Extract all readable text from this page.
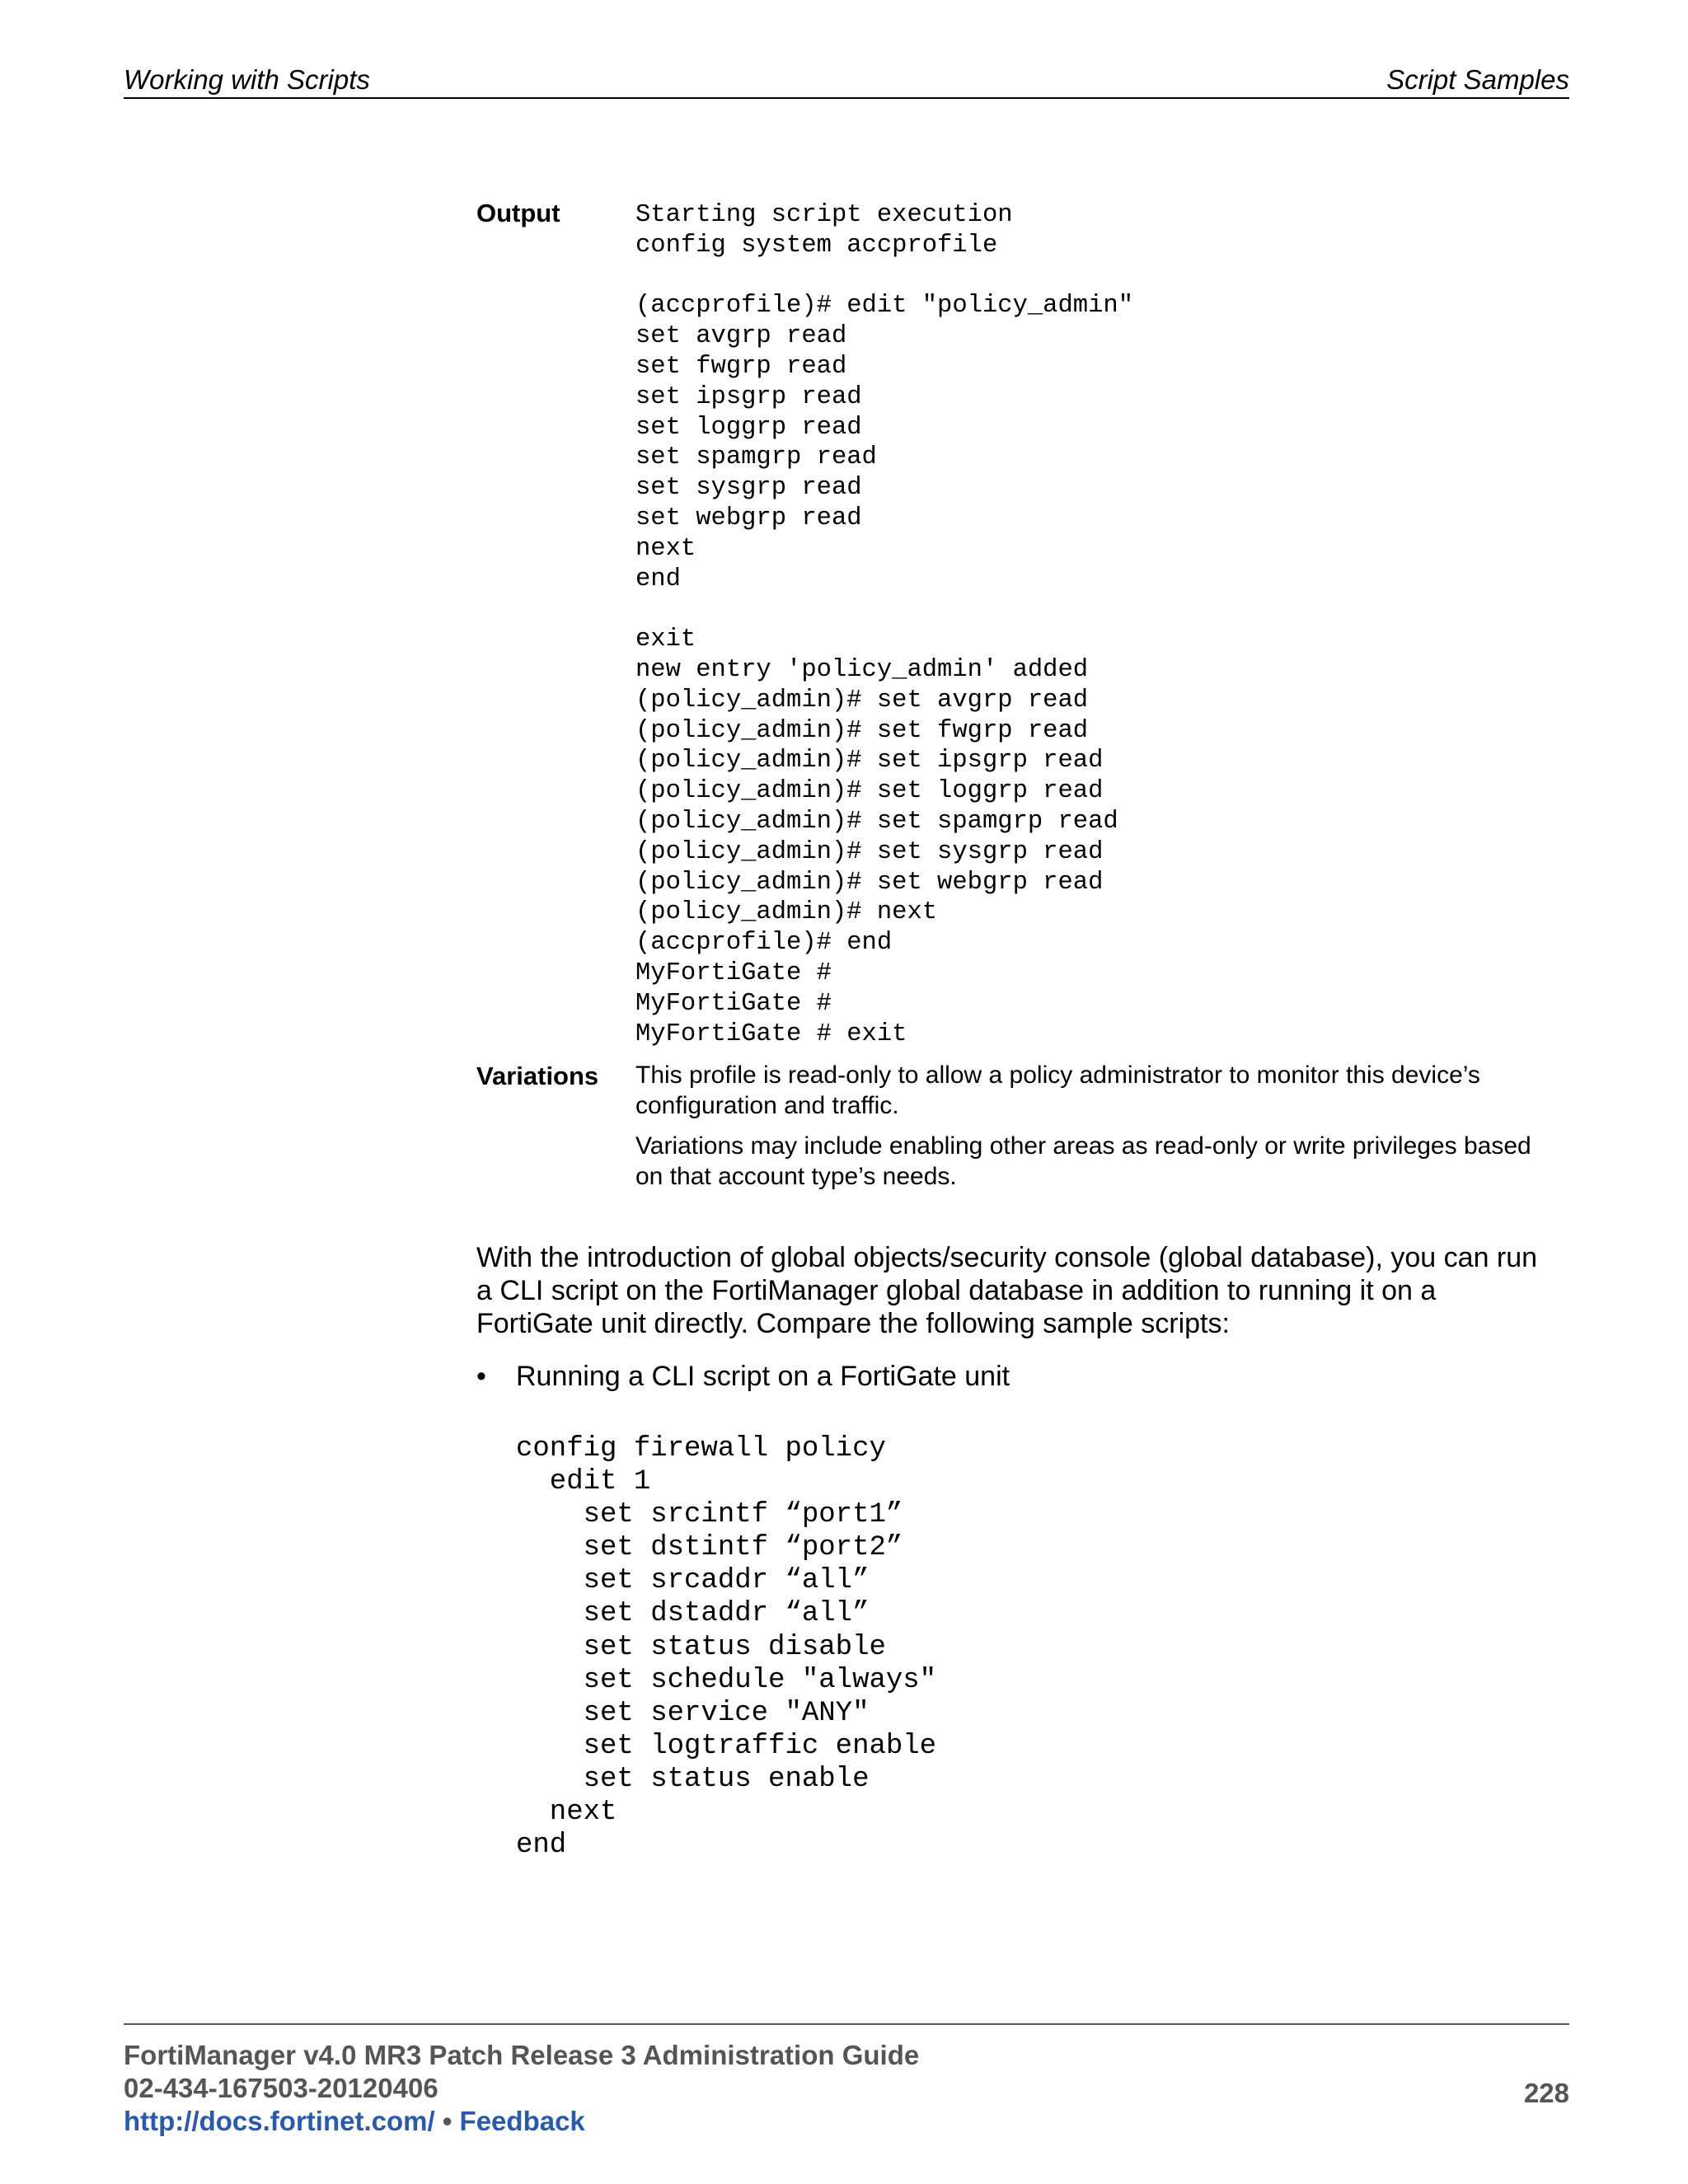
Working with Scripts	Script Samples
Output	Starting script execution
config system accprofile

(accprofile)# edit "policy_admin"
set avgrp read
set fwgrp read
set ipsgrp read
set loggrp read
set spamgrp read
set sysgrp read
set webgrp read
next
end

exit
new entry 'policy_admin' added
(policy_admin)# set avgrp read
(policy_admin)# set fwgrp read
(policy_admin)# set ipsgrp read
(policy_admin)# set loggrp read
(policy_admin)# set spamgrp read
(policy_admin)# set sysgrp read
(policy_admin)# set webgrp read
(policy_admin)# next
(accprofile)# end
MyFortiGate #
MyFortiGate #
MyFortiGate # exit
Variations This profile is read-only to allow a policy administrator to monitor this device’s configuration and traffic.
Variations may include enabling other areas as read-only or write privileges based on that account type’s needs.
With the introduction of global objects/security console (global database), you can run a CLI script on the FortiManager global database in addition to running it on a FortiGate unit directly. Compare the following sample scripts:
• Running a CLI script on a FortiGate unit
config firewall policy
edit 1
set srcintf “port1”
set dstintf “port2”
set srcaddr “all”
set dstaddr “all”
set status disable
set schedule "always"
set service "ANY"
set logtraffic enable
set status enable
next
end
FortiManager v4.0 MR3 Patch Release 3 Administration Guide
02-434-167503-20120406
http://docs.fortinet.com/ • Feedback
228
